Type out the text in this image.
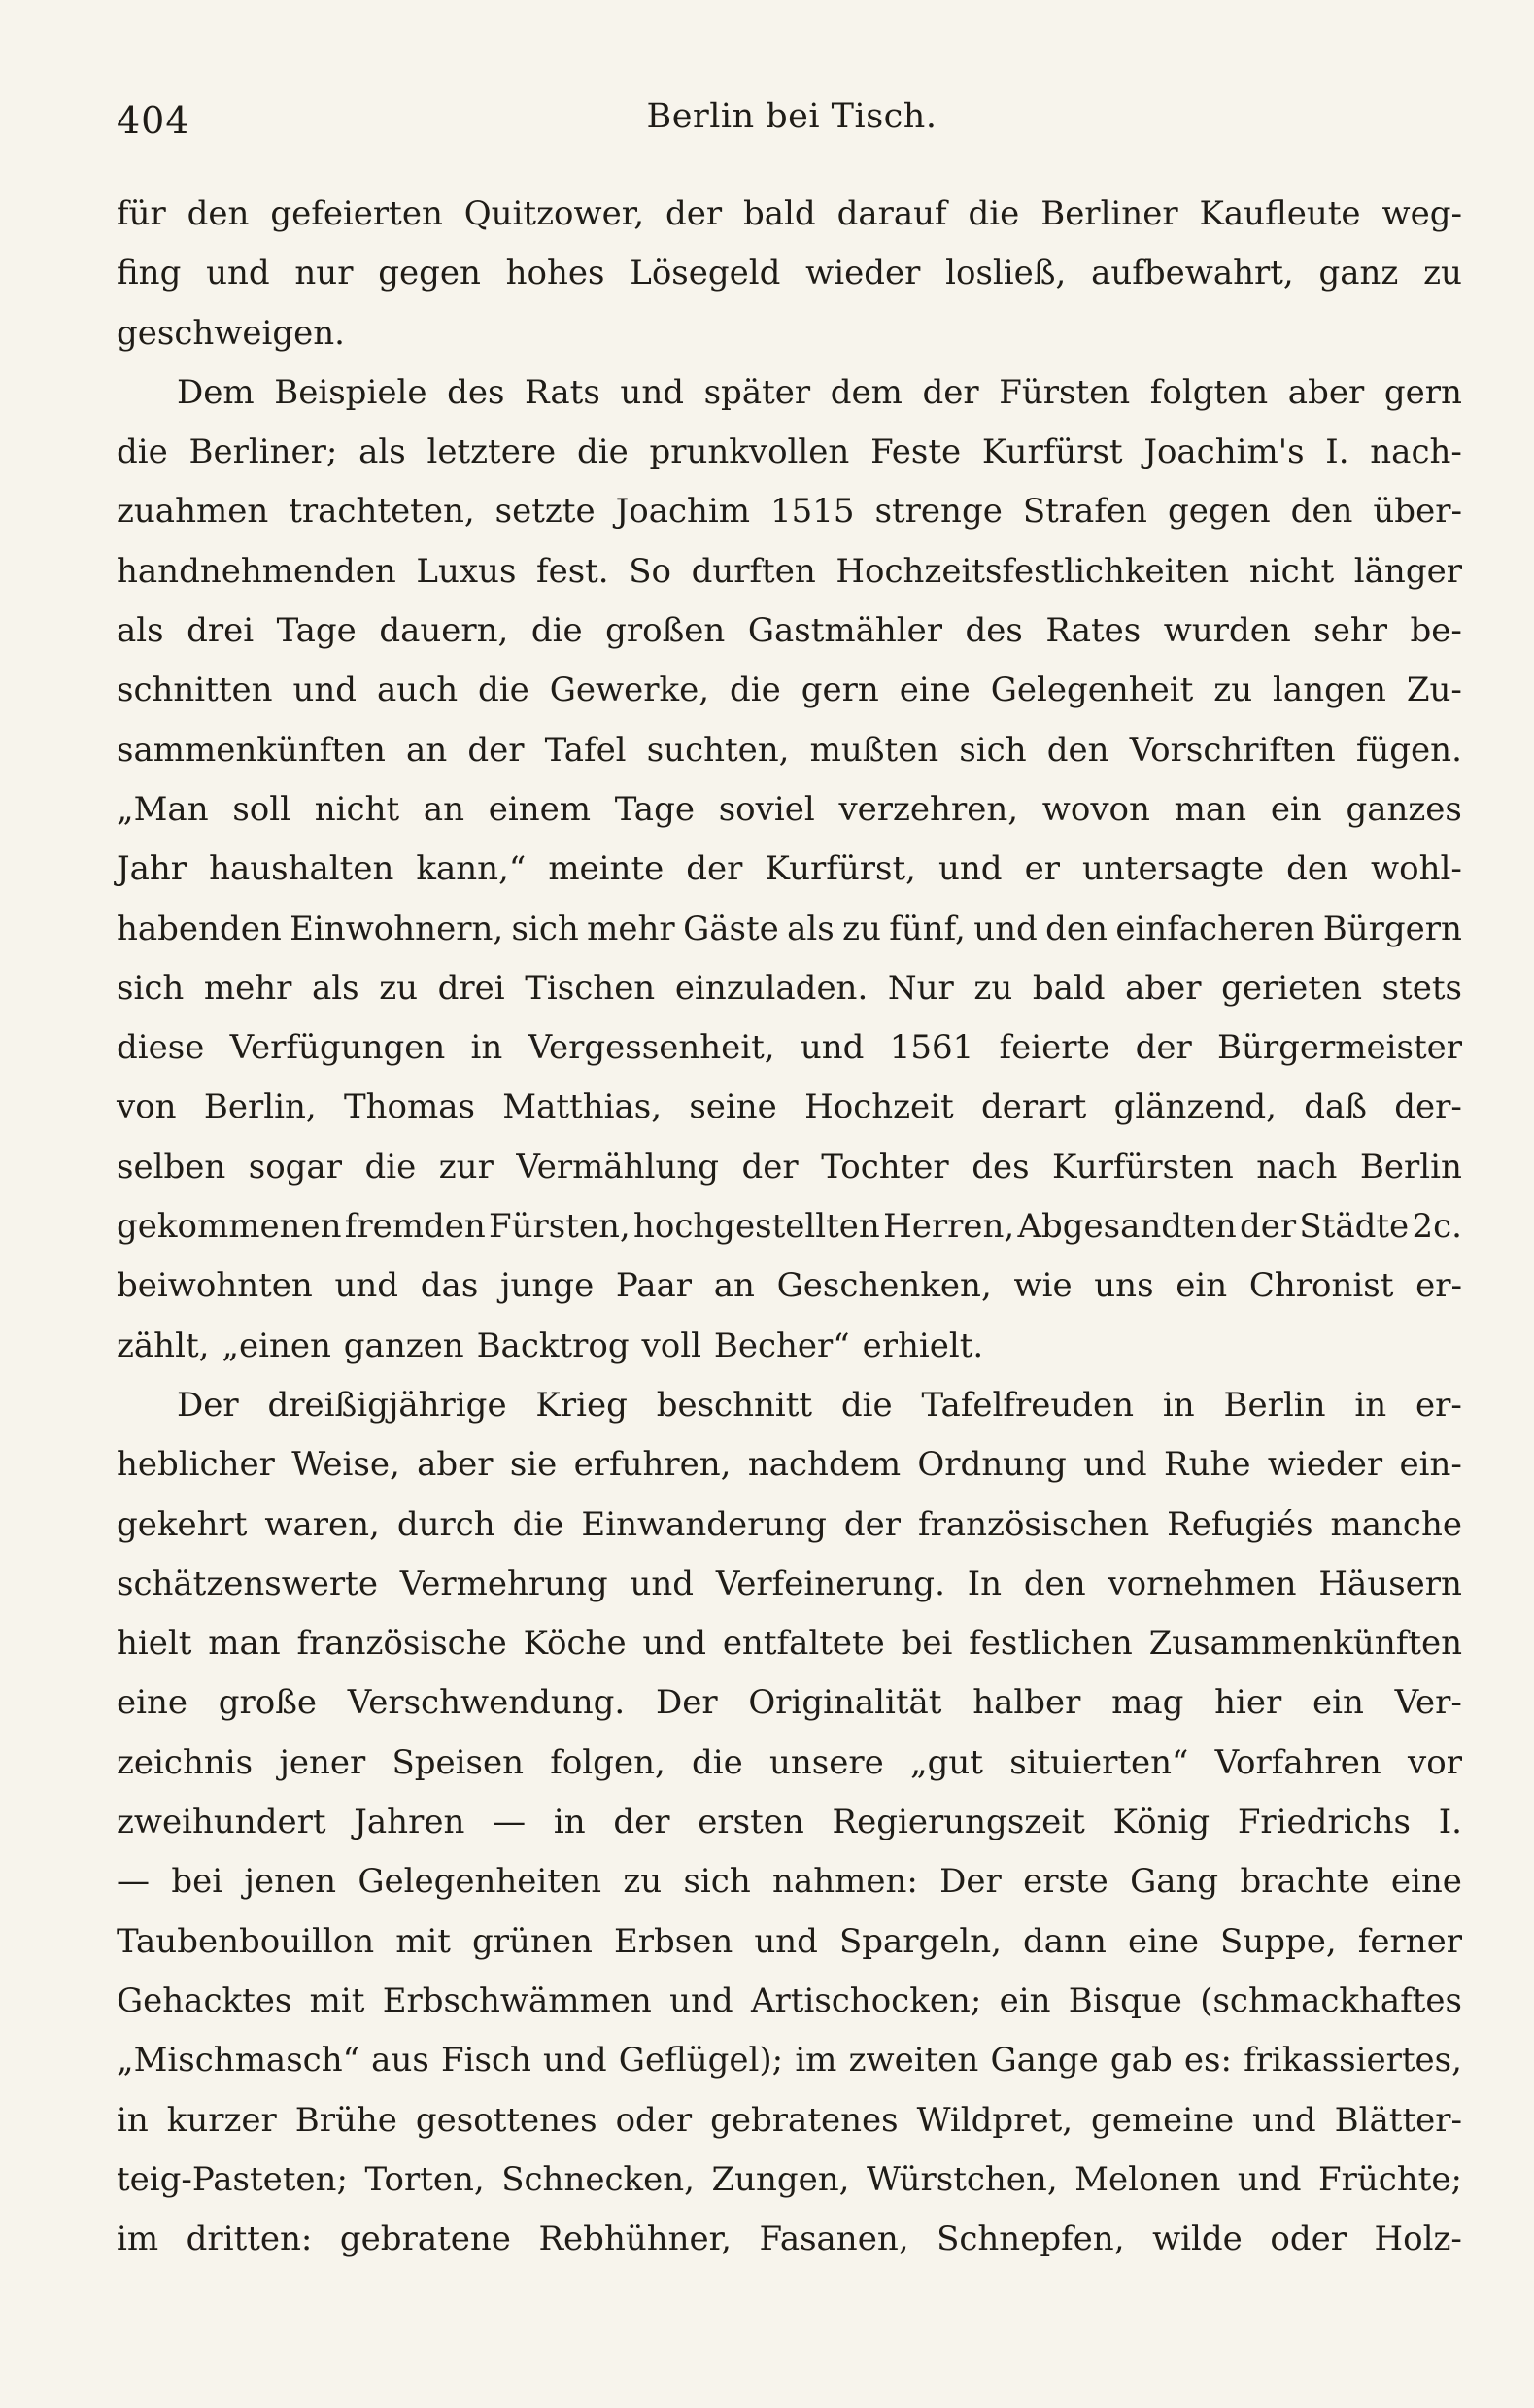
404	Berlin bei Tisch.
für den gefeierten Quitzower, der bald darauf die Berliner Kaufleute weg-
fing und nur gegen hohes Lösegeld wieder losließ, aufbewahrt, ganz zu
geschweigen.
Dem Beispiele des Rats und später dem der Fürsten folgten aber gern
die Berliner; als letztere die prunkvollen Feste Kurfürst Joachim's I. nach-
zuahmen trachteten, setzte Joachim 1515 strenge Strafen gegen den über-
handnehmenden Luxus fest. So durften Hochzeitsfestlichkeiten nicht länger
als drei Tage dauern, die großen Gastmähler des Rates wurden sehr be-
schnitten und auch die Gewerke, die gern eine Gelegenheit zu langen Zu-
sammenkünften an der Tafel suchten, mußten sich den Vorschriften fügen.
„Man soll nicht an einem Tage soviel verzehren, wovon man ein ganzes
Jahr haushalten kann,“ meinte der Kurfürst, und er untersagte den wohl-
habenden Einwohnern, sich mehr Gäste als zu fünf, und den einfacheren Bürgern
sich mehr als zu drei Tischen einzuladen. Nur zu bald aber gerieten stets
diese Verfügungen in Vergessenheit, und 1561 feierte der Bürgermeister
von Berlin, Thomas Matthias, seine Hochzeit derart glänzend, daß der-
selben sogar die zur Vermählung der Tochter des Kurfürsten nach Berlin
gekommenen fremden Fürsten, hochgestellten Herren, Abgesandten der Städte 2c.
beiwohnten und das junge Paar an Geschenken, wie uns ein Chronist er-
zählt, „einen ganzen Backtrog voll Becher“ erhielt.
Der dreißigjährige Krieg beschnitt die Tafelfreuden in Berlin in er-
heblicher Weise, aber sie erfuhren, nachdem Ordnung und Ruhe wieder ein-
gekehrt waren, durch die Einwanderung der französischen Refugiés manche
schätzenswerte Vermehrung und Verfeinerung. In den vornehmen Häusern
hielt man französische Köche und entfaltete bei festlichen Zusammenkünften
eine große Verschwendung. Der Originalität halber mag hier ein Ver-
zeichnis jener Speisen folgen, die unsere „gut situierten“ Vorfahren vor
zweihundert Jahren — in der ersten Regierungszeit König Friedrichs I.
— bei jenen Gelegenheiten zu sich nahmen: Der erste Gang brachte eine
Taubenbouillon mit grünen Erbsen und Spargeln, dann eine Suppe, ferner
Gehacktes mit Erbschwämmen und Artischocken; ein Bisque (schmackhaftes
„Mischmasch“ aus Fisch und Geflügel); im zweiten Gange gab es: frikassiertes,
in kurzer Brühe gesottenes oder gebratenes Wildpret, gemeine und Blätter-
teig-Pasteten; Torten, Schnecken, Zungen, Würstchen, Melonen und Früchte;
im dritten: gebratene Rebhühner, Fasanen, Schnepfen, wilde oder Holz-
